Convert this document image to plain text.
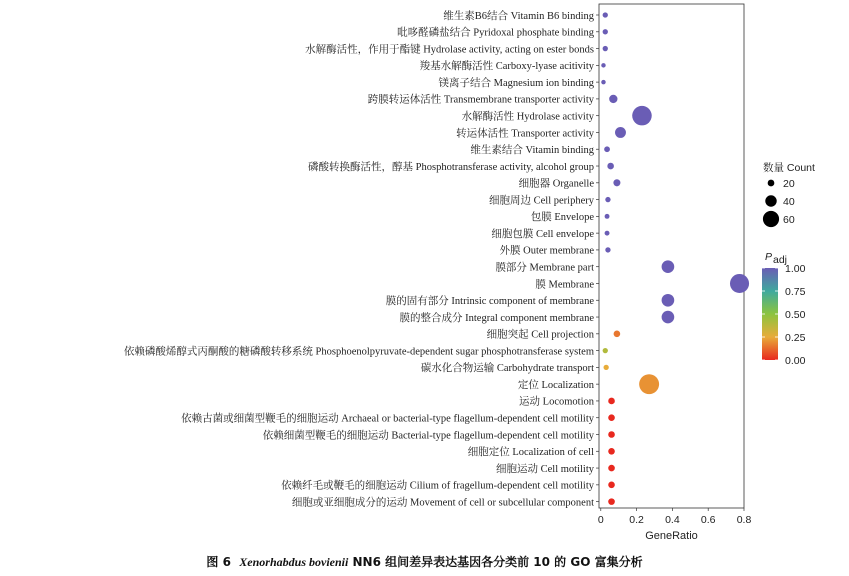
维生素B6结合 Vitamin B6 binding
吡哆醛磷盐结合 Pyridoxal phosphate binding
水解酶活性，作用于酯键 Hydrolase activity, acting on ester bonds
羧基水解酶活性 Carboxy-lyase acitivity
镁离子结合 Magnesium ion binding
跨膜转运体活性 Transmembrane transporter activity
水解酶活性 Hydrolase activity
转运体活性 Transporter activity
维生素结合 Vitamin binding
磷酸转换酶活性，醇基 Phosphotransferase activity, alcohol group
细胞器 Organelle
细胞周边 Cell periphery
包膜 Envelope
细胞包膜 Cell envelope
外膜 Outer membrane
膜部分 Membrane part
膜 Membrane
膜的固有部分 Intrinsic component of membrane
膜的整合成分 Integral component membrane
细胞突起 Cell projection
依赖磷酸烯醇式丙酮酸的糖磷酸转移系统 Phosphoenolpyruvate-dependent sugar phosphotransferase system
碳水化合物运输 Carbohydrate transport
定位 Localization
运动 Locomotion
依赖古菌或细菌型鞭毛的细胞运动 Archaeal or bacterial-type flagellum-dependent cell motility
依赖细菌型鞭毛的细胞运动 Bacterial-type flagellum-dependent cell motility
细胞定位 Localization of cell
细胞运动 Cell motility
依赖纤毛或鞭毛的细胞运动 Cilium of fragellum-dependent cell motility
细胞或亚细胞成分的运动 Movement of cell or subcellular component
0 0.2 0.4 0.6 0.8
GeneRatio
数量 Count
20
40
60
P adj
1.00
0.75
0.50
0.25
0.00
图 6 Xenorhabdus bovienii NN6 组间差异表达基因各分类前 10 的 GO 富集分析
